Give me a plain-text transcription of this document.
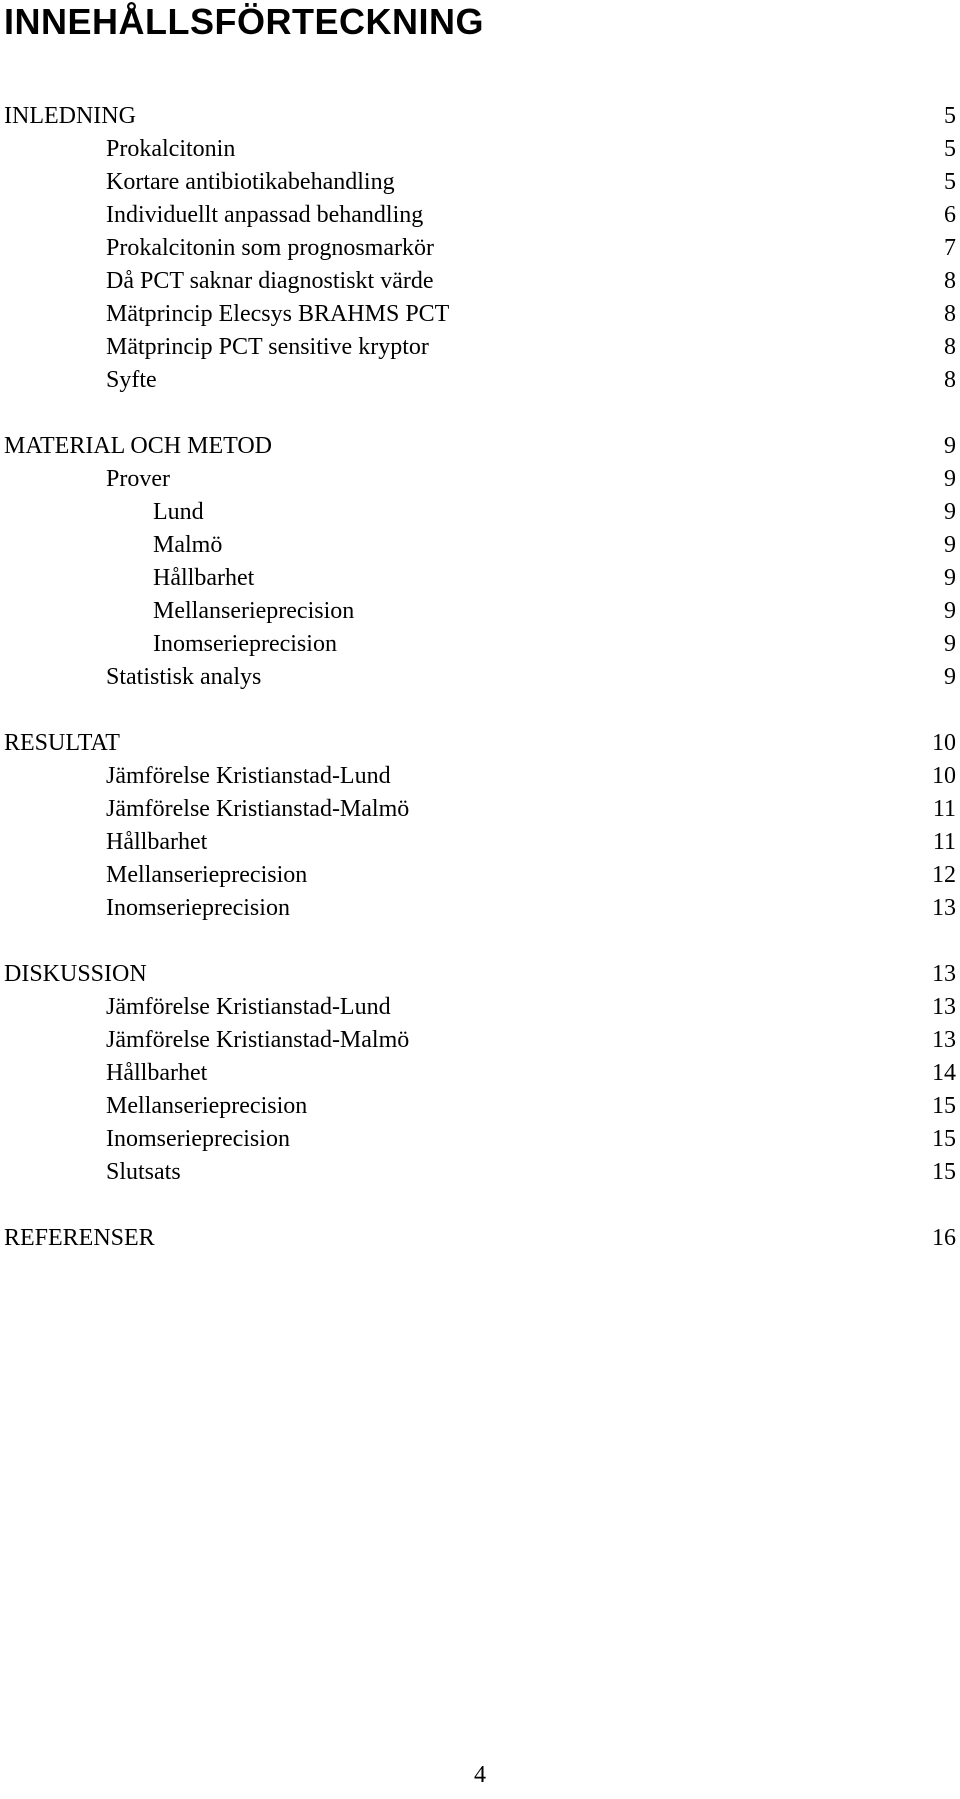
INNEHÅLLSFÖRTECKNING
INLEDNING	5
Prokalcitonin	5
Kortare antibiotikabehandling	5
Individuellt anpassad behandling	6
Prokalcitonin som prognosmarkör	7
Då PCT saknar diagnostiskt värde	8
Mätprincip Elecsys BRAHMS PCT	8
Mätprincip PCT sensitive kryptor	8
Syfte	8
MATERIAL OCH METOD	9
Prover	9
Lund	9
Malmö	9
Hållbarhet	9
Mellanserieprecision	9
Inomserieprecision	9
Statistisk analys	9
RESULTAT	10
Jämförelse Kristianstad-Lund	10
Jämförelse Kristianstad-Malmö	11
Hållbarhet	11
Mellanserieprecision	12
Inomserieprecision	13
DISKUSSION	13
Jämförelse Kristianstad-Lund	13
Jämförelse Kristianstad-Malmö	13
Hållbarhet	14
Mellanserieprecision	15
Inomserieprecision	15
Slutsats	15
REFERENSER	16
4
